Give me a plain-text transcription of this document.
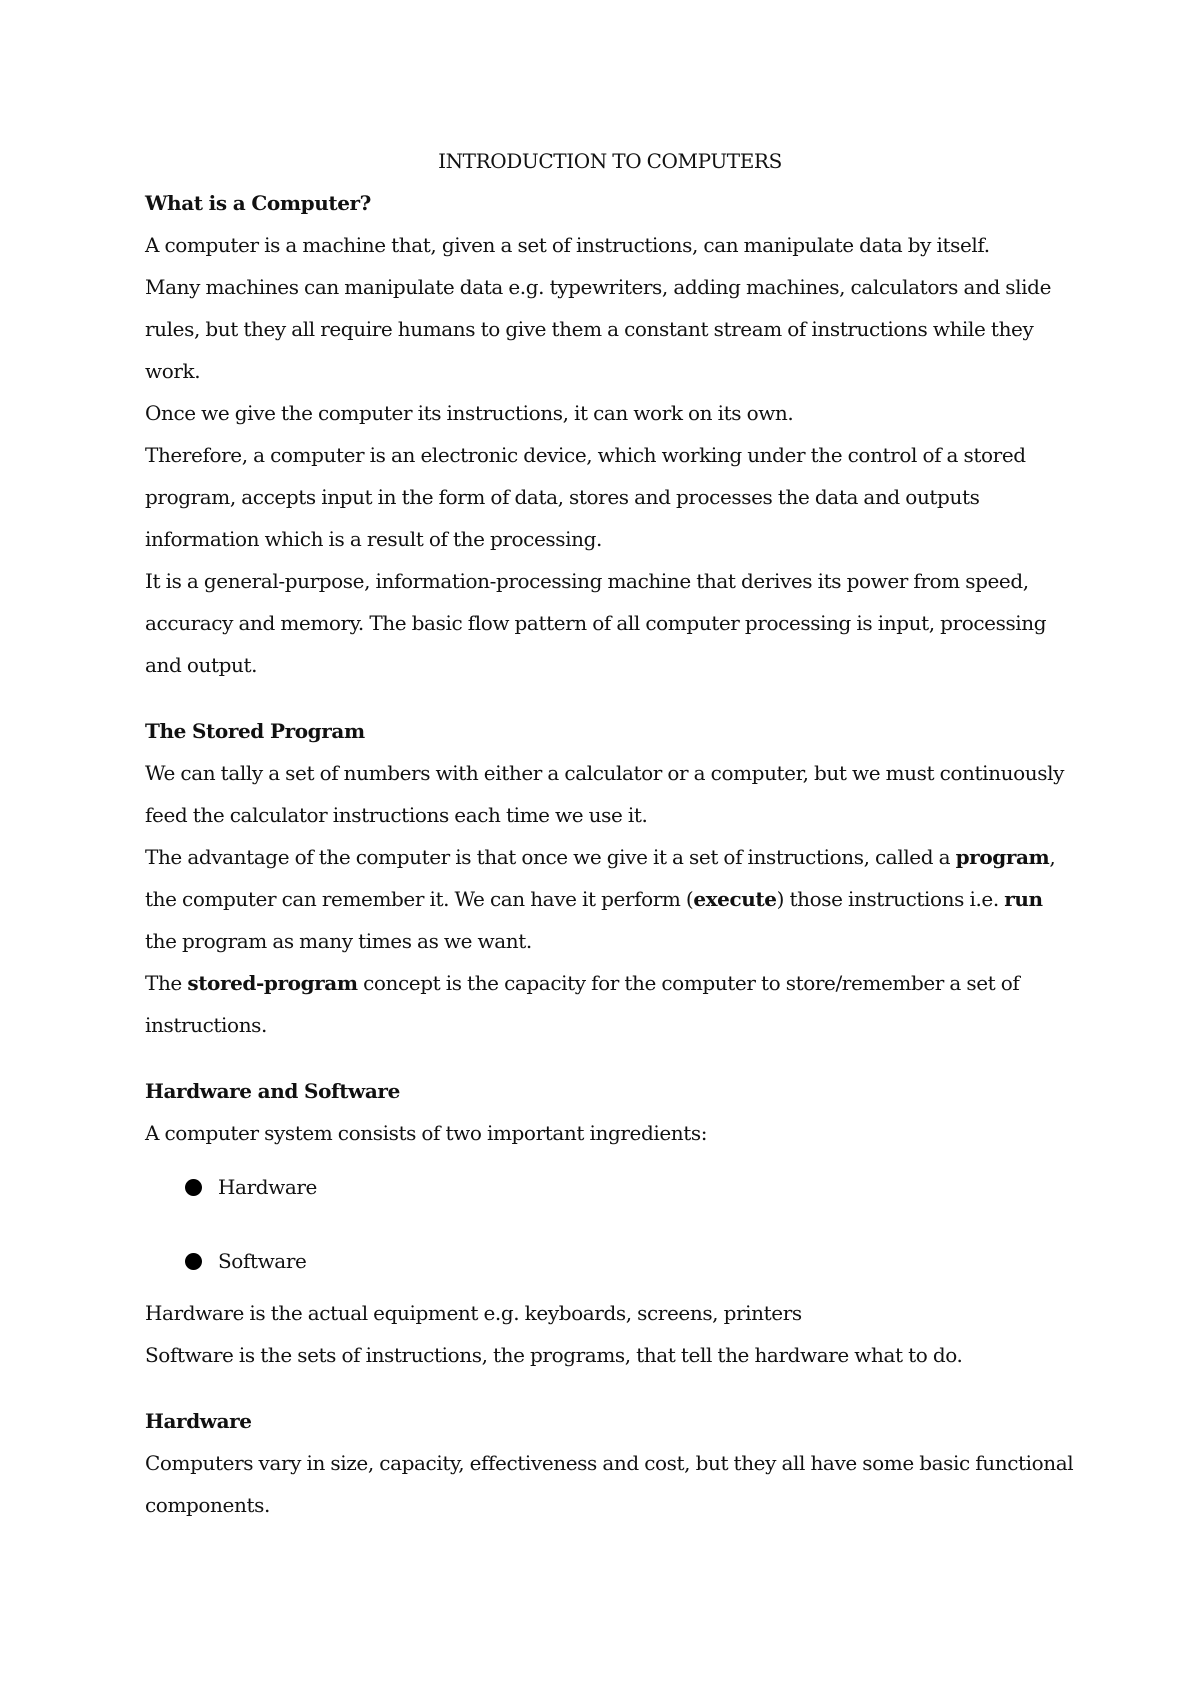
INTRODUCTION TO COMPUTERS
What is a Computer?

A computer is a machine that, given a set of instructions, can manipulate data by itself.

Many machines can manipulate data e.g. typewriters, adding machines, calculators and slide rules, but they all require humans to give them a constant stream of instructions while they work.

Once we give the computer its instructions, it can work on its own.

Therefore, a computer is an electronic device, which working under the control of a stored program, accepts input in the form of data, stores and processes the data and outputs information which is a result of the processing.

It is a general-purpose, information-processing machine that derives its power from speed, accuracy and memory. The basic flow pattern of all computer processing is input, processing and output.

The Stored Program

We can tally a set of numbers with either a calculator or a computer, but we must continuously feed the calculator instructions each time we use it.

The advantage of the computer is that once we give it a set of instructions, called a program, the computer can remember it. We can have it perform (execute) those instructions i.e. run the program as many times as we want.

The stored-program concept is the capacity for the computer to store/remember a set of instructions.

Hardware and Software

A computer system consists of two important ingredients:

Hardware
Software

Hardware is the actual equipment e.g. keyboards, screens, printers

Software is the sets of instructions, the programs, that tell the hardware what to do.

Hardware

Computers vary in size, capacity, effectiveness and cost, but they all have some basic functional components.
